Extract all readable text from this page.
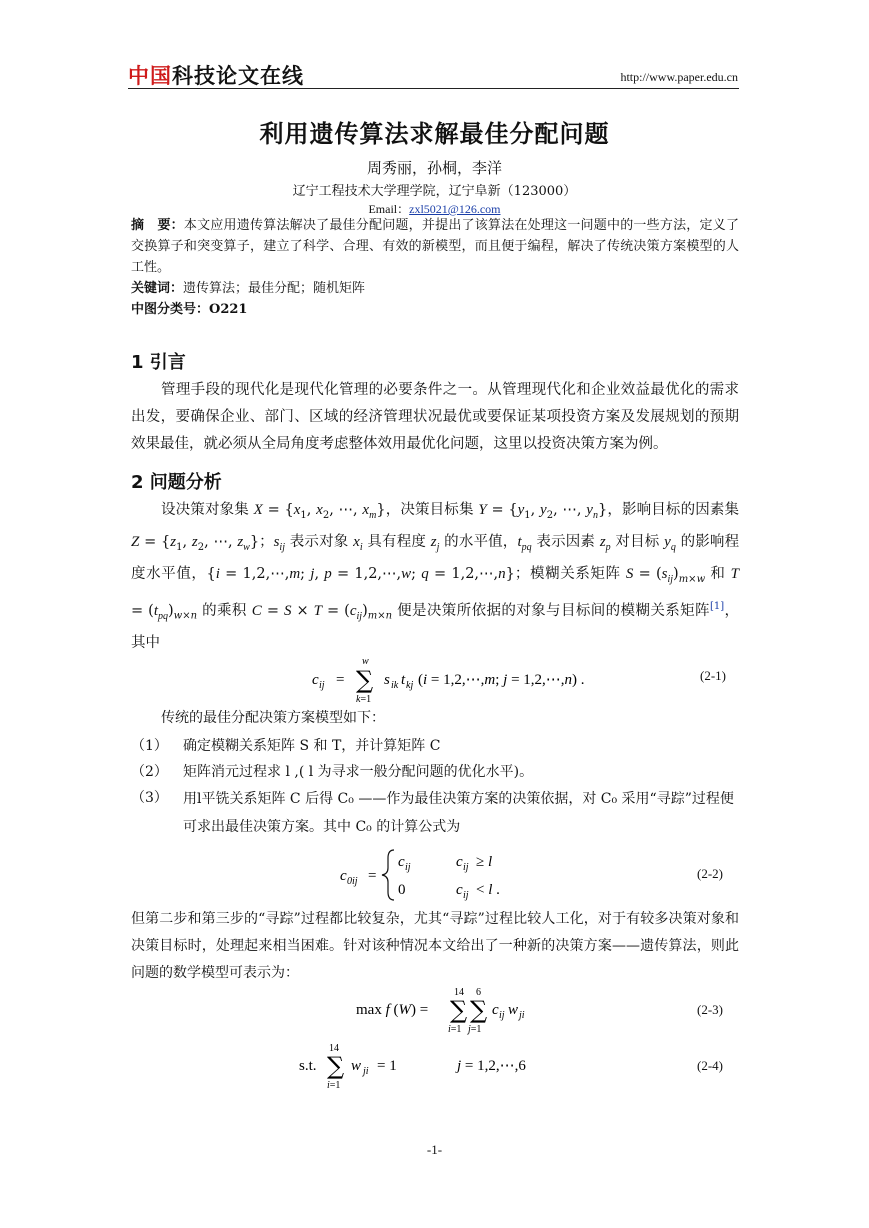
中国科技论文在线	http://www.paper.edu.cn
利用遗传算法求解最佳分配问题
周秀丽，孙桐，李洋
辽宁工程技术大学理学院，辽宁阜新（123000）
Email：zxl5021@126.com
摘　要：本文应用遗传算法解决了最佳分配问题，并提出了该算法在处理这一问题中的一些方法，定义了交换算子和突变算子，建立了科学、合理、有效的新模型，而且便于编程，解决了传统决策方案模型的人工性。
关键词：遗传算法；最佳分配；随机矩阵
中图分类号：O221
1 引言
管理手段的现代化是现代化管理的必要条件之一。从管理现代化和企业效益最优化的需求出发，要确保企业、部门、区域的经济管理状况最优或要保证某项投资方案及发展规划的预期效果最佳，就必须从全局角度考虑整体效用最优化问题，这里以投资决策方案为例。
2 问题分析
设决策对象集 $X = \{x_1$, $x_2$, ⋯, $x_m$}，决策目标集 $Y = \{y_1$, $y_2$, ⋯, $y_n$}，影响目标的因素集 $Z = \{z_1$, $z_2$, ⋯, $z_w$}；$s_{ij}$ 表示对象 $x_i$ 具有程度 $z_j$ 的水平值，$t_{pq}$ 表示因素 $z_p$ 对目标 $y_q$ 的影响程度水平值，{i = 1,2,⋯,m; j, p = 1,2,⋯,w; q = 1,2,⋯,n}；模糊关系矩阵 $S = (s_{ij})_{m\times w}$ 和 $T = (t_{pq})_{w\times n}$ 的乘积 $C = S \times T = (c_{ij})_{m\times n}$ 便是决策所依据的对象与目标间的模糊关系矩阵[1]，其中
c ij = ∑
w
k=1
s ik t kj (i = 1,2,⋯,m; j = 1,2,⋯,n) .	(2-1)
传统的最佳分配决策方案模型如下：
（1） 确定模糊关系矩阵 S 和 T，并计算矩阵 C
（2） 矩阵消元过程求 l ,( l 为寻求一般分配问题的优化水平)。
（3） 用l平铣关系矩阵 C 后得 C₀ ——作为最佳决策方案的决策依据，对 C₀ 采用“寻踪”过程便可求出最佳决策方案。其中 C₀ 的计算公式为
c 0ij =
c ij	c ij ≥ l
0	c ij < l .
(2-2)
但第二步和第三步的“寻踪”过程都比较复杂，尤其“寻踪”过程比较人工化，对于有较多决策对象和决策目标时，处理起来相当困难。针对该种情况本文给出了一种新的决策方案——遗传算法，则此问题的数学模型可表示为：
max f (W) = ∑
14
i=1
∑
6
j=1
c ij w ji	(2-3)
s.t. ∑
14
i=1
w ji = 1	j = 1,2,⋯,6	(2-4)
-1-
